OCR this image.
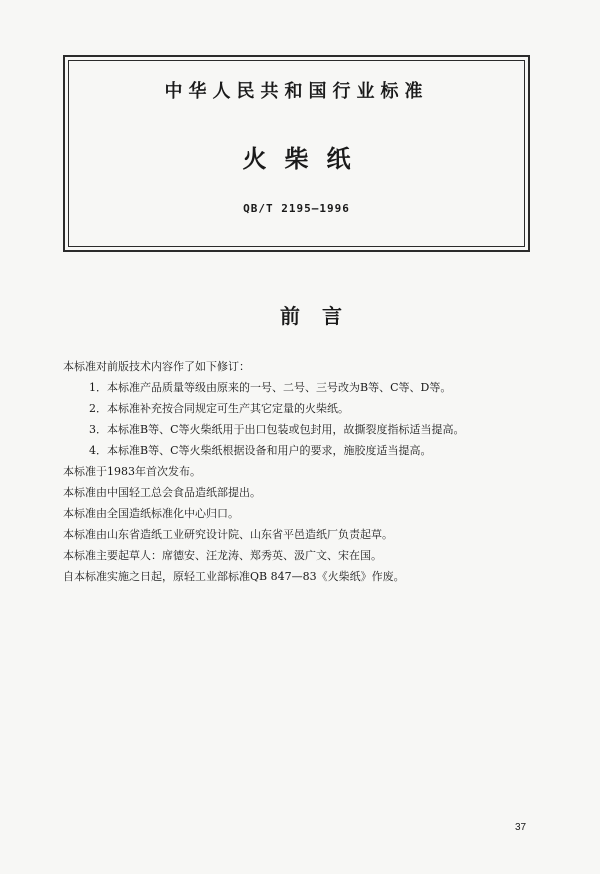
中华人民共和国行业标准
火柴纸
QB/T 2195—1996
前言
本标准对前版技术内容作了如下修订：
1．本标准产品质量等级由原来的一号、二号、三号改为B等、C等、D等。
2．本标准补充按合同规定可生产其它定量的火柴纸。
3．本标准B等、C等火柴纸用于出口包装或包封用，故撕裂度指标适当提高。
4．本标准B等、C等火柴纸根据设备和用户的要求，施胶度适当提高。
本标准于1983年首次发布。
本标准由中国轻工总会食品造纸部提出。
本标准由全国造纸标准化中心归口。
本标准由山东省造纸工业研究设计院、山东省平邑造纸厂负责起草。
本标准主要起草人：席德安、汪龙涛、郑秀英、汲广文、宋在国。
自本标准实施之日起，原轻工业部标准QB 847—83《火柴纸》作废。
37
